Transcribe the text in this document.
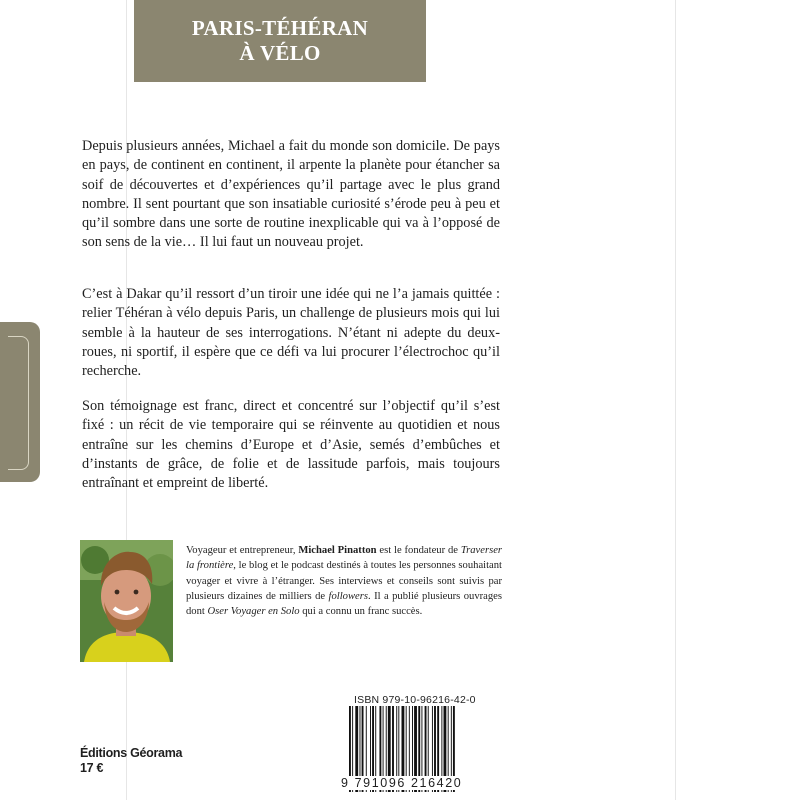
PARIS-TÉHÉRAN
À VÉLO

Depuis plusieurs années, Michael a fait du monde son domicile. De pays en pays, de continent en continent, il arpente la planète pour étancher sa soif de découvertes et d’expériences qu’il partage avec le plus grand nombre. Il sent pourtant que son insatiable curiosité s’érode peu à peu et qu’il sombre dans une sorte de routine inexplicable qui va à l’opposé de son sens de la vie… Il lui faut un nouveau projet.

C’est à Dakar qu’il ressort d’un tiroir une idée qui ne l’a jamais quittée : relier Téhéran à vélo depuis Paris, un challenge de plusieurs mois qui lui semble à la hauteur de ses interrogations. N’étant ni adepte du deux-roues, ni sportif, il espère que ce défi va lui procurer l’électrochoc qu’il recherche.

Son témoignage est franc, direct et concentré sur l’objectif qu’il s’est fixé : un récit de vie temporaire qui se réinvente au quotidien et nous entraîne sur les chemins d’Europe et d’Asie, semés d’embûches et d’instants de grâce, de folie et de lassitude parfois, mais toujours entraînant et empreint de liberté.

Voyageur et entrepreneur, Michael Pinatton est le fondateur de Traverser la frontière, le blog et le podcast destinés à toutes les personnes souhaitant voyager et vivre à l’étranger. Ses interviews et conseils sont suivis par plusieurs dizaines de milliers de followers. Il a publié plusieurs ouvrages dont Oser Voyager en Solo qui a connu un franc succès.

Éditions Géorama
17 €
ISBN 979-10-96216-42-0
9 791096 216420
